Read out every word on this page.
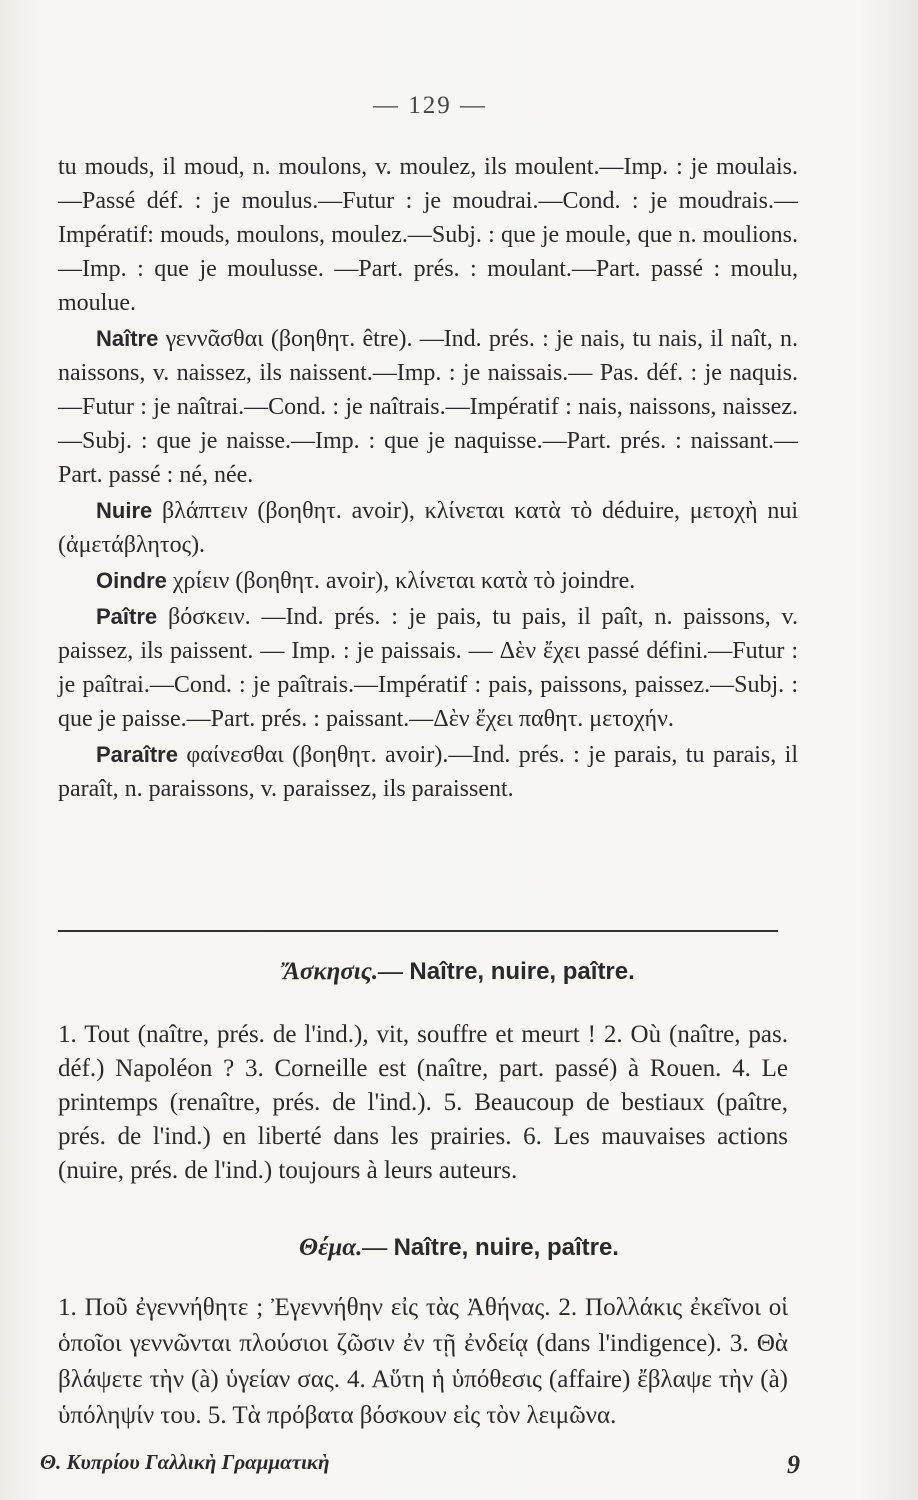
— 129 —

tu mouds, il moud, n. moulons, v. moulez, ils moulent.—Imp. : je moulais.—Passé déf. : je moulus.—Futur : je moudrai.—Cond. : je moudrais.—Impératif: mouds, moulons, moulez.—Subj. : que je moule, que n. moulions.—Imp. : que je moulusse. —Part. prés. : moulant.—Part. passé : moulu, moulue.

Naître γεννᾶσθαι (βοηθητ. être). —Ind. prés. : je nais, tu nais, il naît, n. naissons, v. naissez, ils naissent.—Imp. : je naissais.— Pas. déf. : je naquis. —Futur : je naîtrai.—Cond. : je naîtrais.—Impératif : nais, naissons, naissez.—Subj. : que je naisse.—Imp. : que je naquisse.—Part. prés. : naissant.—Part. passé : né, née.

Nuire βλάπτειν (βοηθητ. avoir), κλίνεται κατὰ τὸ déduire, μετοχὴ nui (ἀμετάβλητος).

Oindre χρίειν (βοηθητ. avoir), κλίνεται κατὰ τὸ joindre.

Paître βόσκειν. —Ind. prés. : je pais, tu pais, il paît, n. paissons, v. paissez, ils paissent. — Imp. : je paissais. — Δὲν ἔχει passé défini.—Futur : je paîtrai.—Cond. : je paîtrais.—Impératif : pais, paissons, paissez.—Subj. : que je paisse.—Part. prés. : paissant.—Δὲν ἔχει παθητ. μετοχήν.

Paraître φαίνεσθαι (βοηθητ. avoir).—Ind. prés. : je parais, tu parais, il paraît, n. paraissons, v. paraissez, ils paraissent.

Ἄσκησις.— Naître, nuire, paître.
1. Tout (naître, prés. de l'ind.), vit, souffre et meurt ! 2. Où (naître, pas. déf.) Napoléon ? 3. Corneille est (naître, part. passé) à Rouen. 4. Le printemps (renaître, prés. de l'ind.). 5. Beaucoup de bestiaux (paître, prés. de l'ind.) en liberté dans les prairies. 6. Les mauvaises actions (nuire, prés. de l'ind.) toujours à leurs auteurs.
Θέμα.— Naître, nuire, paître.
1. Ποῦ ἐγεννήθητε ; Ἐγεννήθην εἰς τὰς Ἀθήνας. 2. Πολλάκις ἐκεῖνοι οἱ ὁποῖοι γεννῶνται πλούσιοι ζῶσιν ἐν τῇ ἐνδείᾳ (dans l'indigence). 3. Θὰ βλάψετε τὴν (à) ὑγείαν σας. 4. Αὕτη ἡ ὑπόθεσις (affaire) ἔβλαψε τὴν (à) ὑπόληψίν του. 5. Τὰ πρόβατα βόσκουν εἰς τὸν λειμῶνα.
Θ. Κυπρίου Γαλλικὴ Γραμματικὴ	9
